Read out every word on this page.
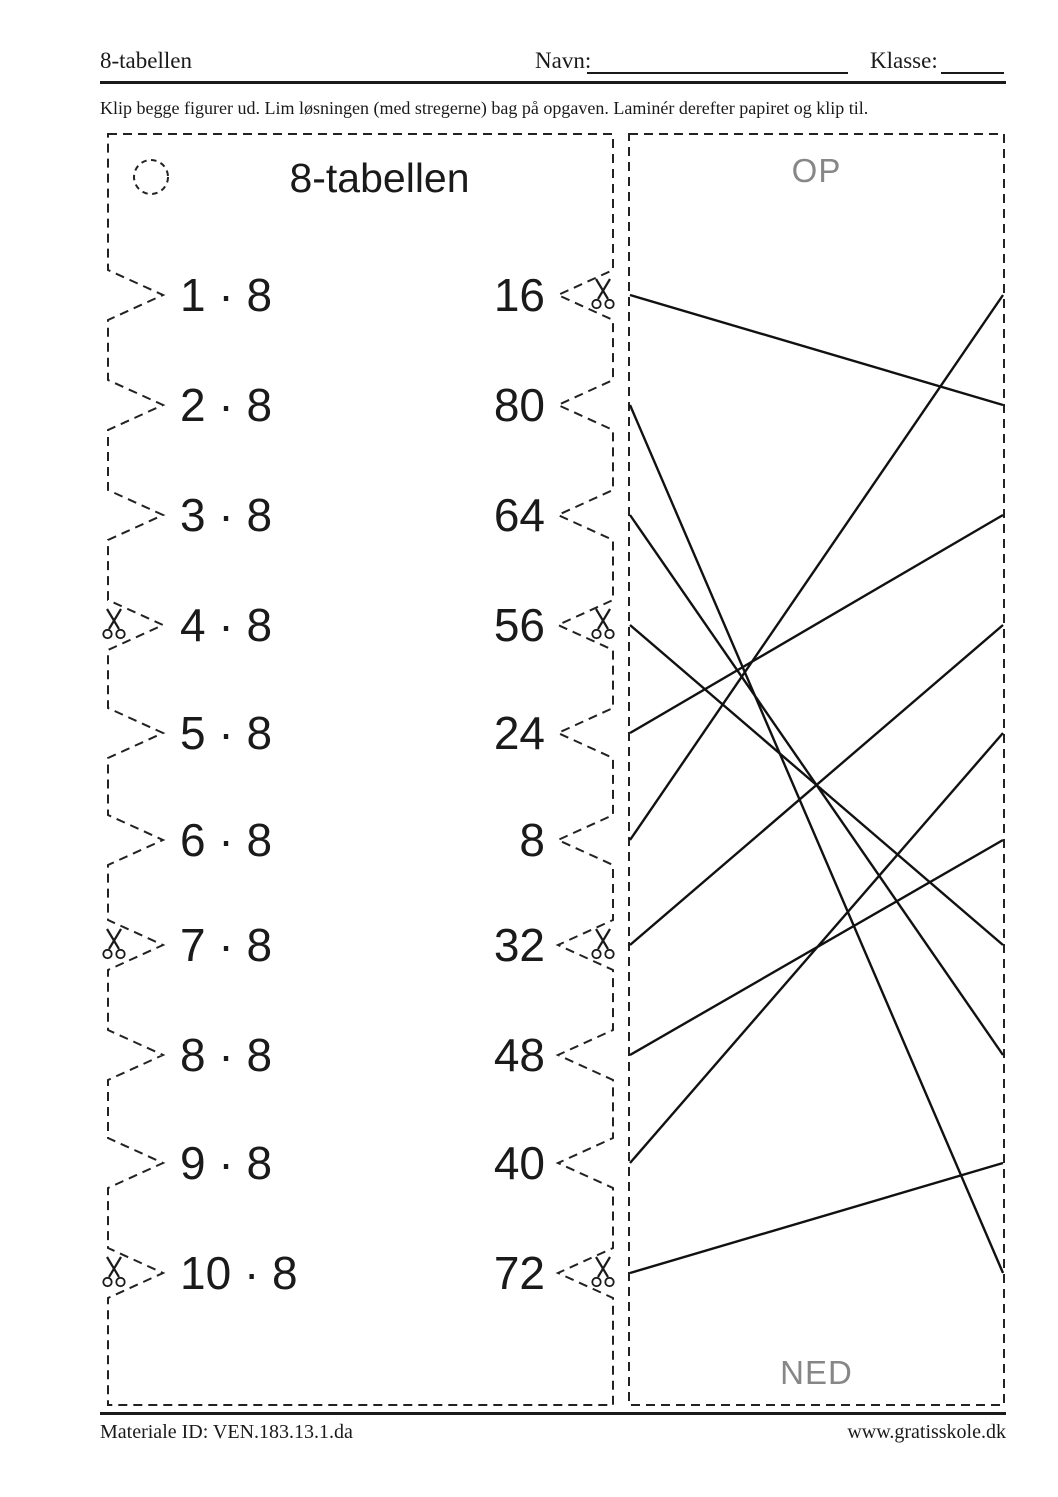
8-tabellen	Navn:	Klasse:

Klip begge figurer ud. Lim løsningen (med stregerne) bag på opgaven. Laminér derefter papiret og klip til.

8-tabellen
1 · 8	16
2 · 8	80
3 · 8	64
4 · 8	56
5 · 8	24
6 · 8	8
7 · 8	32
8 · 8	48
9 · 8	40
10 · 8	72
OP
NED
Materiale ID: VEN.183.13.1.da	www.gratisskole.dk
